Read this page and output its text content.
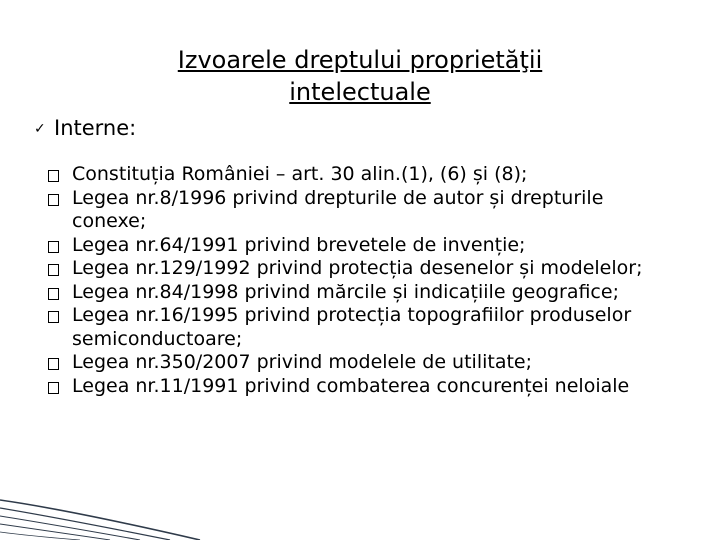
Izvoarele dreptului proprietăţii intelectuale
✓ Interne:
Constituția României – art. 30 alin.(1), (6) și (8);
Legea nr.8/1996 privind drepturile de autor și drepturile conexe;
Legea nr.64/1991 privind brevetele de invenție;
Legea nr.129/1992 privind protecția desenelor și modelelor;
Legea nr.84/1998 privind mărcile și indicațiile geografice;
Legea nr.16/1995 privind protecția topografiilor produselor semiconductoare;
Legea nr.350/2007 privind modelele de utilitate;
Legea nr.11/1991 privind combaterea concurenței neloiale
